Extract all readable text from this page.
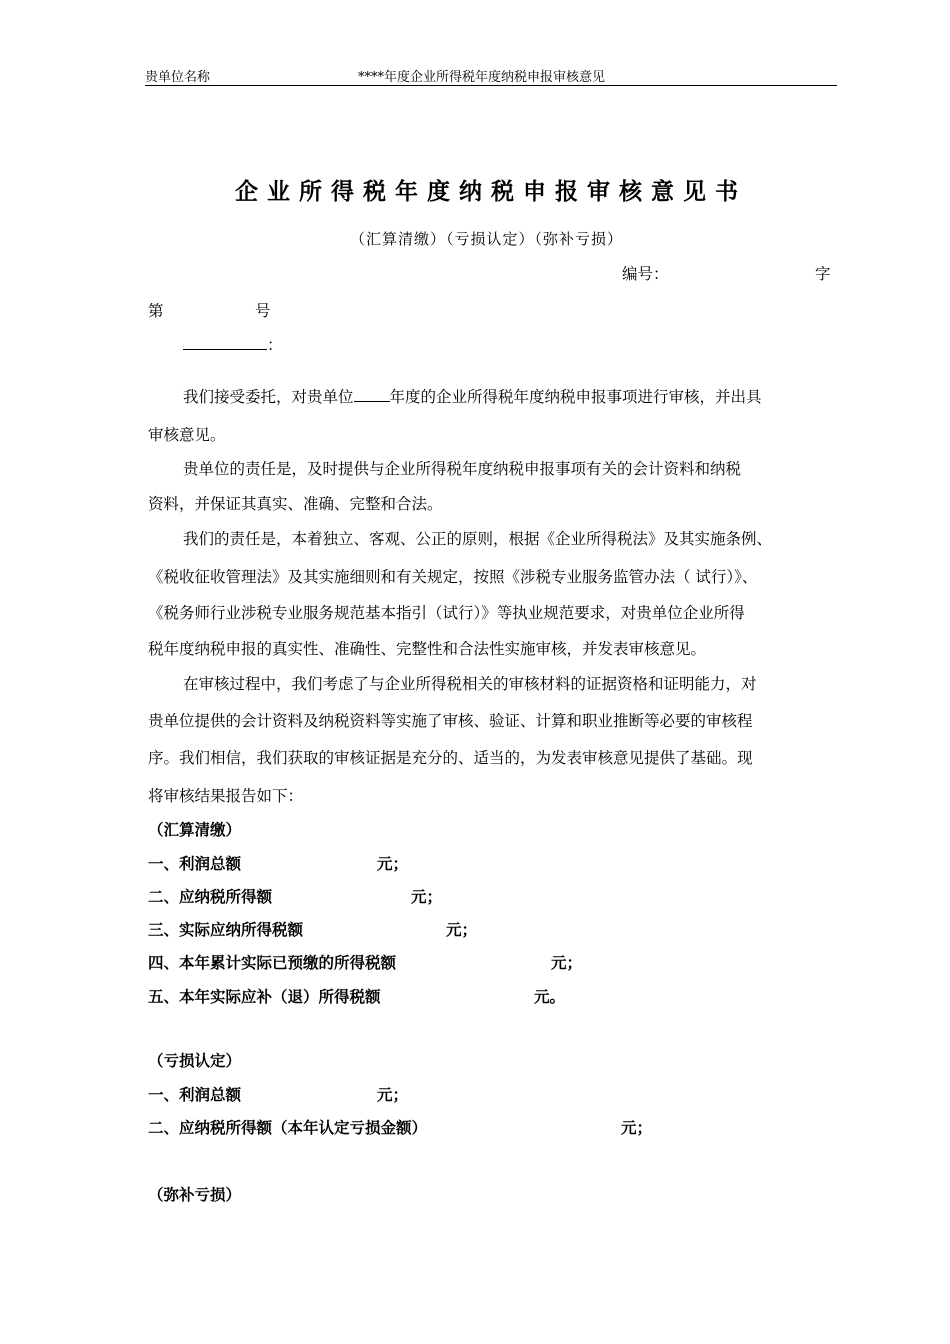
贵单位名称	****年度企业所得税年度纳税申报审核意见
企业所得税年度纳税申报审核意见书
（汇算清缴）（亏损认定）（弥补亏损）
编号：	字
第	号
：
我们接受委托，对贵单位 年度的企业所得税年度纳税申报事项进行审核，并出具
审核意见。
贵单位的责任是，及时提供与企业所得税年度纳税申报事项有关的会计资料和纳税
资料，并保证其真实、准确、完整和合法。
我们的责任是，本着独立、客观、公正的原则，根据《企业所得税法》及其实施条例、
《税收征收管理法》及其实施细则和有关规定，按照《涉税专业服务监管办法（ 试行）》、
《税务师行业涉税专业服务规范基本指引（试行）》等执业规范要求，对贵单位企业所得
税年度纳税申报的真实性、准确性、完整性和合法性实施审核，并发表审核意见。
在审核过程中，我们考虑了与企业所得税相关的审核材料的证据资格和证明能力，对
贵单位提供的会计资料及纳税资料等实施了审核、验证、计算和职业推断等必要的审核程
序。我们相信，我们获取的审核证据是充分的、适当的，为发表审核意见提供了基础。现
将审核结果报告如下：
（汇算清缴）
一、利润总额	元；
二、应纳税所得额	元；
三、实际应纳所得税额	元；
四、本年累计实际已预缴的所得税额	元；
五、本年实际应补（退）所得税额	元。
（亏损认定）
一、利润总额	元；
二、应纳税所得额（本年认定亏损金额）	元；
（弥补亏损）
